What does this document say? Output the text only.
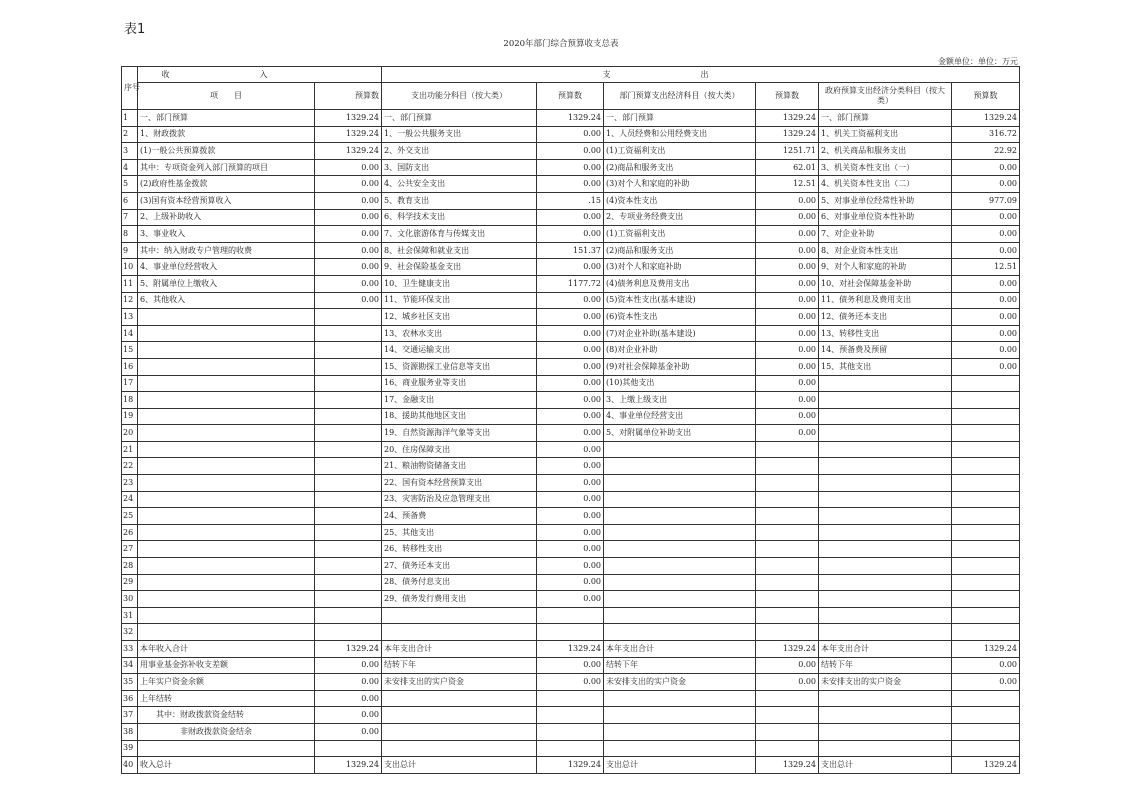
表1
2020年部门综合预算收支总表
金额单位：单位：万元
序号	收入		支出					
	项　　目	预算数	支出功能分科目（按大类）	预算数	部门预算支出经济科目（按大类）	预算数	政府预算支出经济分类科目（按大类）	预算数
1	一、部门预算	1329.24	一、部门预算	1329.24	一、部门预算	1329.24	一、部门预算	1329.24
2	1、财政拨款	1329.24	1、一般公共服务支出	0.00	1、人员经费和公用经费支出	1329.24	1、机关工资福利支出	316.72
3	(1)一般公共预算拨款	1329.24	2、外交支出	0.00	(1)工资福利支出	1251.71	2、机关商品和服务支出	22.92
4	其中：专项资金列入部门预算的项目	0.00	3、国防支出	0.00	(2)商品和服务支出	62.01	3、机关资本性支出（一）	0.00
5	(2)政府性基金拨款	0.00	4、公共安全支出	0.00	(3)对个人和家庭的补助	12.51	4、机关资本性支出（二）	0.00
6	(3)国有资本经营预算收入	0.00	5、教育支出	.15	(4)资本性支出	0.00	5、对事业单位经常性补助	977.09
7	2、上级补助收入	0.00	6、科学技术支出	0.00	2、专项业务经费支出	0.00	6、对事业单位资本性补助	0.00
8	3、事业收入	0.00	7、文化旅游体育与传媒支出	0.00	(1)工资福利支出	0.00	7、对企业补助	0.00
9	其中：纳入财政专户管理的收费	0.00	8、社会保障和就业支出	151.37	(2)商品和服务支出	0.00	8、对企业资本性支出	0.00
10	4、事业单位经营收入	0.00	9、社会保险基金支出	0.00	(3)对个人和家庭补助	0.00	9、对个人和家庭的补助	12.51
11	5、附属单位上缴收入	0.00	10、卫生健康支出	1177.72	(4)债务利息及费用支出	0.00	10、对社会保障基金补助	0.00
12	6、其他收入	0.00	11、节能环保支出	0.00	(5)资本性支出(基本建设)	0.00	11、债务利息及费用支出	0.00
13			12、城乡社区支出	0.00	(6)资本性支出	0.00	12、债务还本支出	0.00
14			13、农林水支出	0.00	(7)对企业补助(基本建设)	0.00	13、转移性支出	0.00
15			14、交通运输支出	0.00	(8)对企业补助	0.00	14、预备费及预留	0.00
16			15、资源勘探工业信息等支出	0.00	(9)对社会保障基金补助	0.00	15、其他支出	0.00
17			16、商业服务业等支出	0.00	(10)其他支出	0.00		
18			17、金融支出	0.00	3、上缴上级支出	0.00		
19			18、援助其他地区支出	0.00	4、事业单位经营支出	0.00		
20			19、自然资源海洋气象等支出	0.00	5、对附属单位补助支出	0.00		
21			20、住房保障支出	0.00				
22			21、粮油物资储备支出	0.00				
23			22、国有资本经营预算支出	0.00				
24			23、灾害防治及应急管理支出	0.00				
25			24、预备费	0.00				
26			25、其他支出	0.00				
27			26、转移性支出	0.00				
28			27、债务还本支出	0.00				
29			28、债务付息支出	0.00				
30			29、债务发行费用支出	0.00				
31								
32								
33	本年收入合计	1329.24	本年支出合计	1329.24	本年支出合计	1329.24	本年支出合计	1329.24
34	用事业基金弥补收支差额	0.00	结转下年	0.00	结转下年	0.00	结转下年	0.00
35	上年实户资金余额	0.00	未安排支出的实户资金	0.00	未安排支出的实户资金	0.00	未安排支出的实户资金	0.00
36	上年结转	0.00						
37	　　其中：财政拨款资金结转	0.00						
38	　　　　　非财政拨款资金结余	0.00						
39								
40	收入总计	1329.24	支出总计	1329.24	支出总计	1329.24	支出总计	1329.24
